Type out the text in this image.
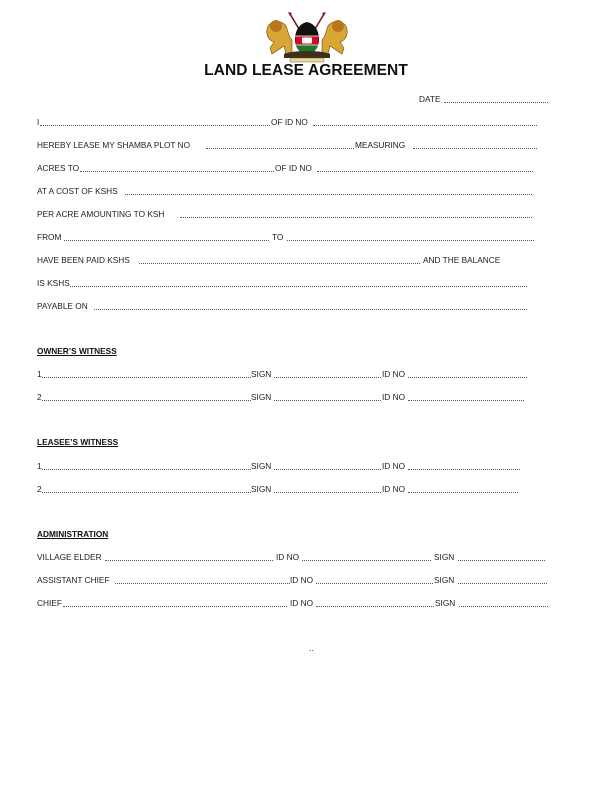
LAND LEASE AGREEMENT
DATE
I	OF ID NO
HEREBY LEASE MY SHAMBA PLOT NO	MEASURING
ACRES TO	OF ID NO
AT A COST OF KSHS
PER ACRE AMOUNTING TO KSH
FROM	TO
HAVE BEEN PAID KSHS	AND THE BALANCE
IS KSHS
PAYABLE ON
OWNER’S WITNESS
1	SIGN	ID NO
2	SIGN	ID NO
LEASEE’S WITNESS
1	SIGN	ID NO
2	SIGN	ID NO
ADMINISTRATION
VILLAGE ELDER	ID NO	SIGN
ASSISTANT CHIEF	ID NO	SIGN
CHIEF	ID NO	SIGN
..
